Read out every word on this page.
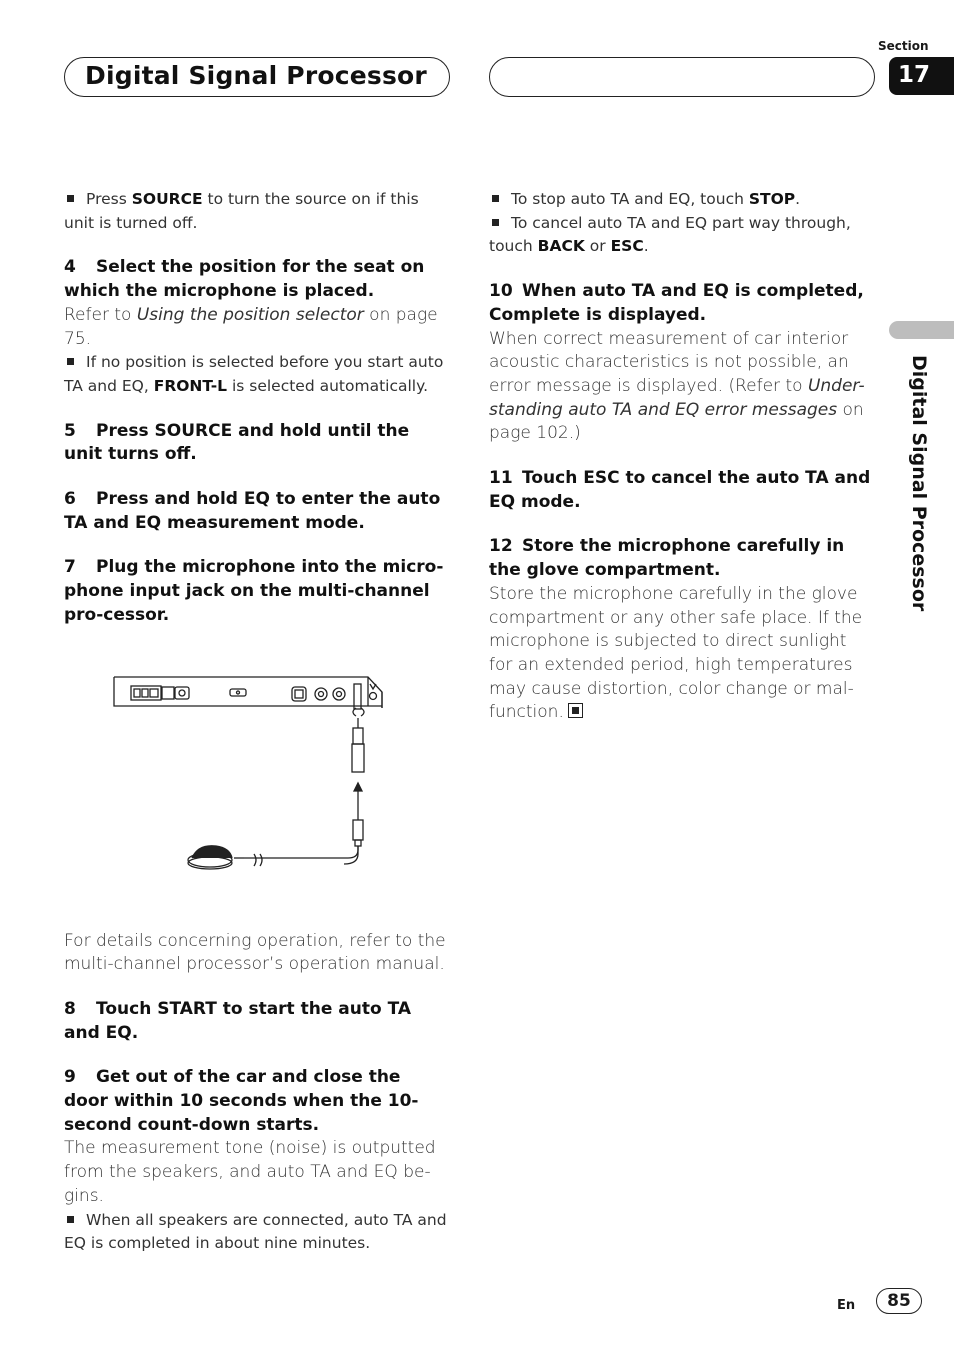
Digital Signal Processor
Section
17
Digital Signal Processor

Press SOURCE to turn the source on if this unit is turned off.

4 Select the position for the seat on which the microphone is placed.

Refer to Using the position selector on page 75.

If no position is selected before you start auto TA and EQ, FRONT-L is selected automatically.

5 Press SOURCE and hold until the unit turns off.

6 Press and hold EQ to enter the auto TA and EQ measurement mode.

7 Plug the microphone into the micro-phone input jack on the multi-channel pro-cessor.

For details concerning operation, refer to the multi-channel processor’s operation manual.

8 Touch START to start the auto TA and EQ.

9 Get out of the car and close the door within 10 seconds when the 10-second count-down starts.

The measurement tone (noise) is outputted from the speakers, and auto TA and EQ be-gins.

When all speakers are connected, auto TA and EQ is completed in about nine minutes.

To stop auto TA and EQ, touch STOP.

To cancel auto TA and EQ part way through, touch BACK or ESC.

10 When auto TA and EQ is completed, Complete is displayed.

When correct measurement of car interior acoustic characteristics is not possible, an error message is displayed. (Refer to Under-standing auto TA and EQ error messages on page 102.)

11 Touch ESC to cancel the auto TA and EQ mode.

12 Store the microphone carefully in the glove compartment.

Store the microphone carefully in the glove compartment or any other safe place. If the microphone is subjected to direct sunlight for an extended period, high temperatures may cause distortion, color change or mal-function.

En	85
